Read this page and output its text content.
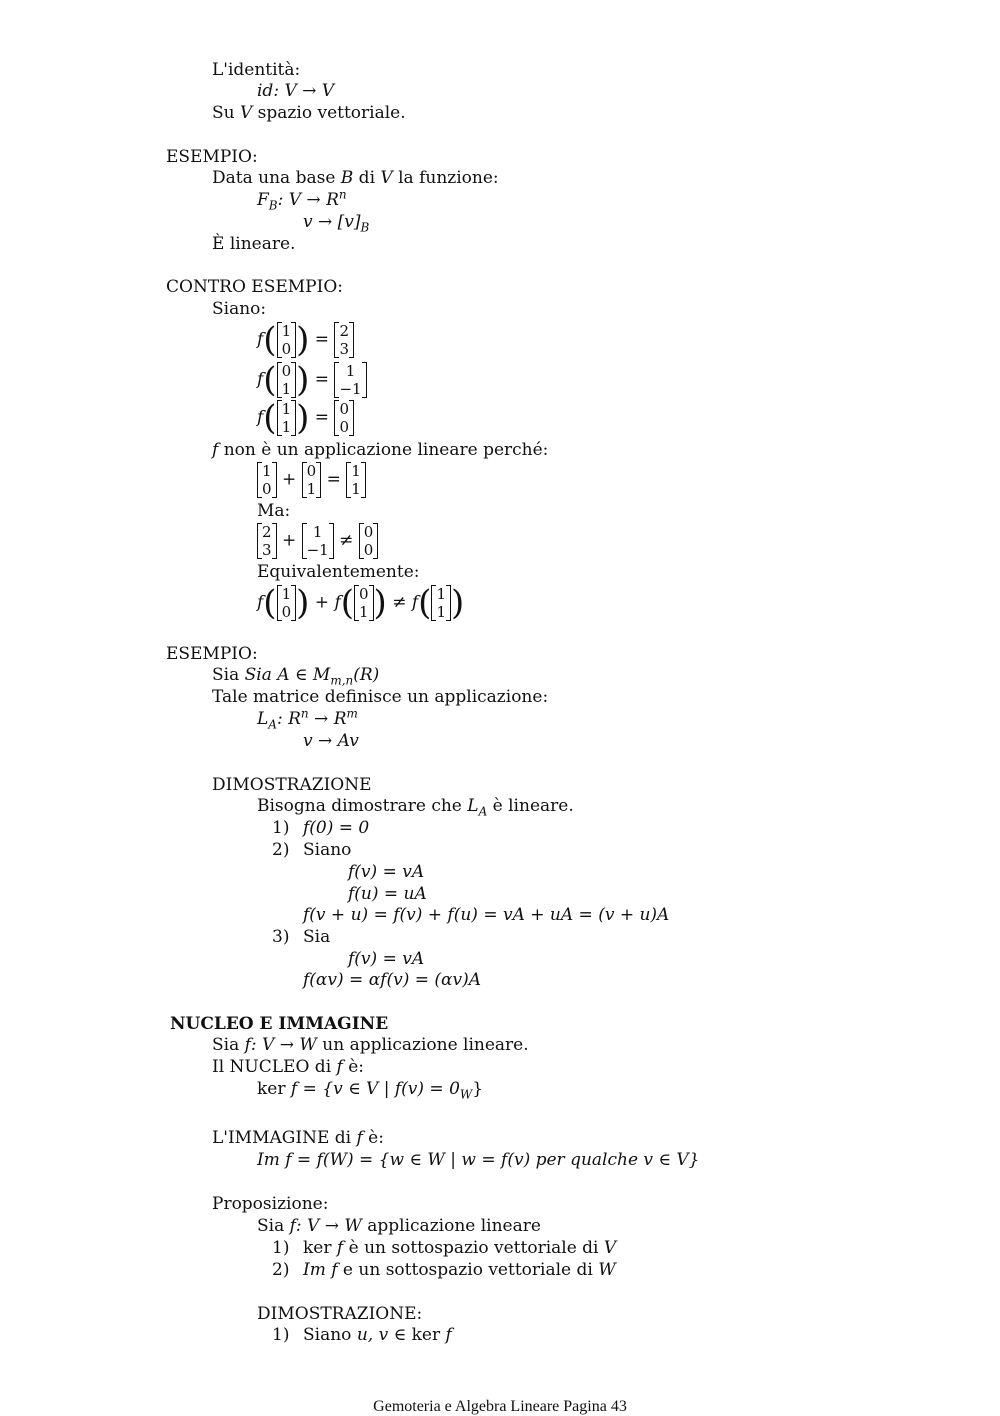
L'identità:
id: V → V
Su V spazio vettoriale.
ESEMPIO:
Data una base B di V la funzione:
$F_B$: $V \to R^n$
$v \to [v]_B$
È lineare.
CONTRO ESEMPIO:
Siano:
f( 1
0 ) = 2
3
f( 0
1 ) =	1
−1
f( 1
1 ) = 0
0
f non è un applicazione lineare perché:
1
0 + 0
1 = 1
1
Ma:
2
3 +	1
−1 ≠ 0
0
Equivalentemente:
f( 1
0 ) + f( 0
1 ) ≠ f( 1
1 )
ESEMPIO:
Sia Sia A ∈ $M_{m,n}(R)$
Tale matrice definisce un applicazione:
$L_A$: $R^n \to R^m$
v → Av
DIMOSTRAZIONE
Bisogna dimostrare che $L_A$ è lineare.
1) f(0) = 0
2) Siano
f(v) = vA
f(u) = uA
f(v + u) = f(v) + f(u) = vA + uA = (v + u)A
3) Sia
f(v) = vA
f(αv) = αf(v) = (αv)A
NUCLEO E IMMAGINE
Sia f: V → W un applicazione lineare.
Il NUCLEO di f è:
ker f = {v ∈ V | $f(v) = 0_W$}
L'IMMAGINE di f è:
Im f = f(W) = {w ∈ W | w = f(v) per qualche v ∈ V}
Proposizione:
Sia f: V → W applicazione lineare
1) ker f è un sottospazio vettoriale di V
2) Im f e un sottospazio vettoriale di W
DIMOSTRAZIONE:
1) Siano u, v ∈ ker f
Gemoteria e Algebra Lineare Pagina 43
